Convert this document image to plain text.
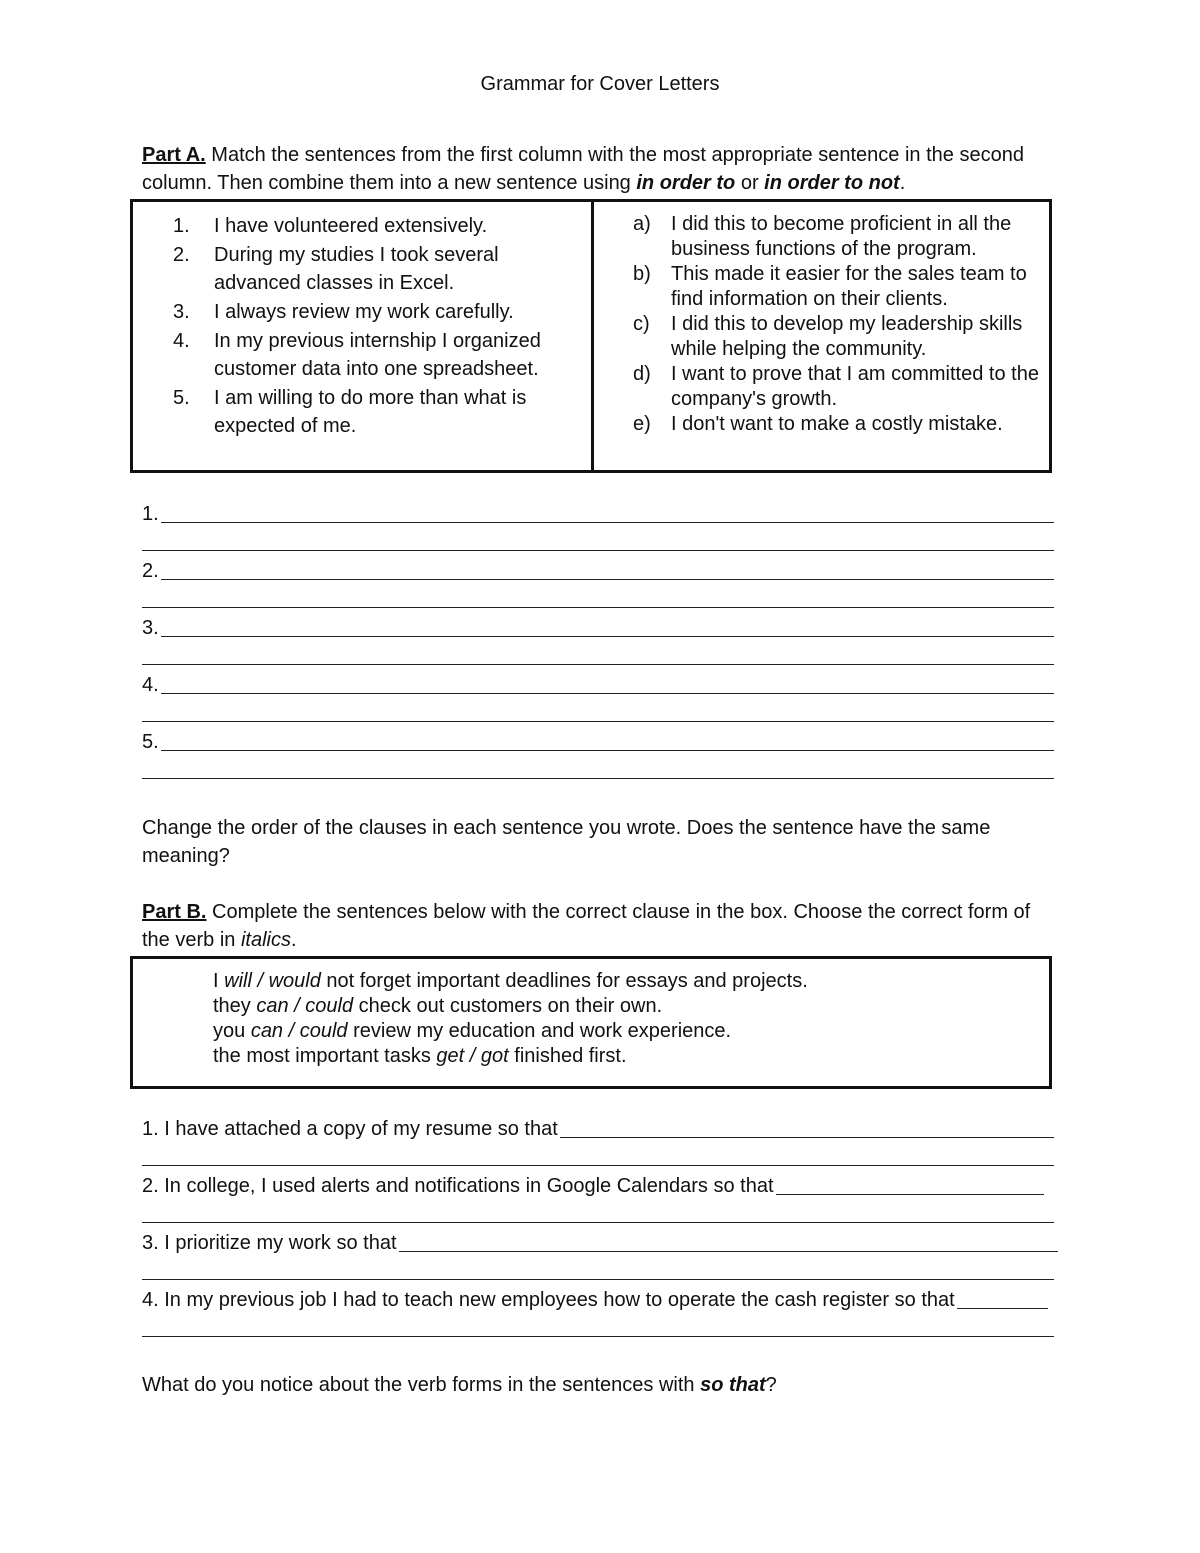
Grammar for Cover Letters
Part A. Match the sentences from the first column with the most appropriate sentence in the second column. Then combine them into a new sentence using in order to or in order to not.
1.	I have volunteered extensively.
2.	During my studies I took several advanced classes in Excel.
3.	I always review my work carefully.
4.	In my previous internship I organized customer data into one spreadsheet.
5.	I am willing to do more than what is expected of me.
a)	I did this to become proficient in all the business functions of the program.
b)	This made it easier for the sales team to find information on their clients.
c)	I did this to develop my leadership skills while helping the community.
d)	I want to prove that I am committed to the company's growth.
e)	I don't want to make a costly mistake.
1.
2.
3.
4.
5.
Change the order of the clauses in each sentence you wrote. Does the sentence have the same meaning?
Part B. Complete the sentences below with the correct clause in the box. Choose the correct form of the verb in italics.
I will / would not forget important deadlines for essays and projects.
they can / could check out customers on their own.
you can / could review my education and work experience.
the most important tasks get / got finished first.
1. I have attached a copy of my resume so that
2. In college, I used alerts and notifications in Google Calendars so that
3. I prioritize my work so that
4. In my previous job I had to teach new employees how to operate the cash register so that
What do you notice about the verb forms in the sentences with so that?
